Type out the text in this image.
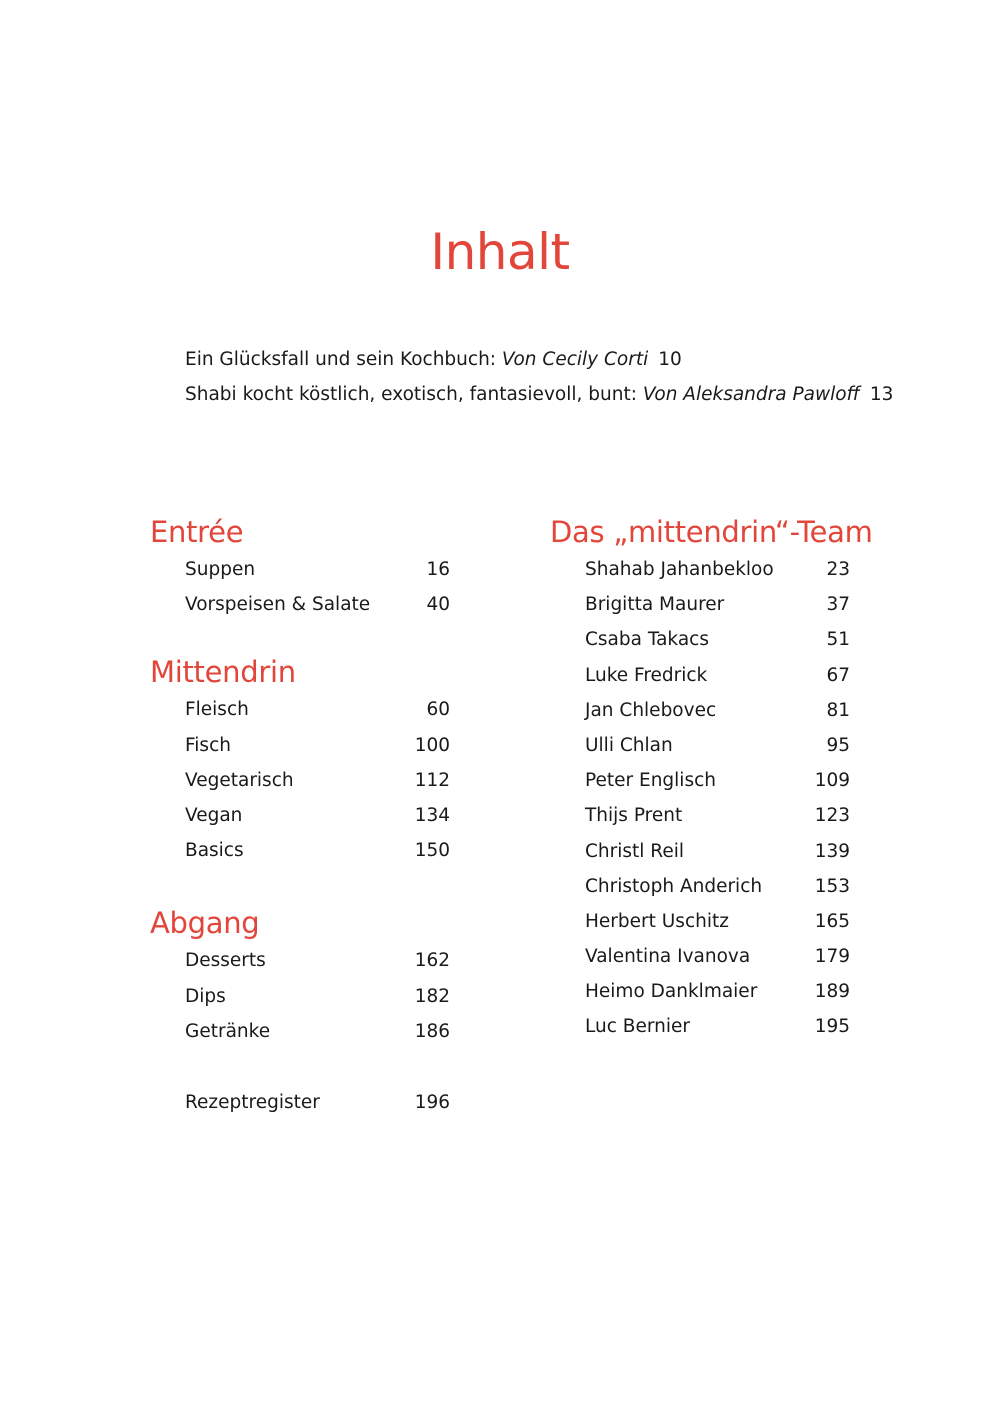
Inhalt
Ein Glücksfall und sein Kochbuch: Von Cecily Corti 10
Shabi kocht köstlich, exotisch, fantasievoll, bunt: Von Aleksandra Pawloff 13
Entrée
Suppen	16
Vorspeisen & Salate	40
Mittendrin
Fleisch	60
Fisch	100
Vegetarisch	112
Vegan	134
Basics	150
Abgang
Desserts	162
Dips	182
Getränke	186
Rezeptregister	196
Das „mittendrin“-Team
Shahab Jahanbekloo	23
Brigitta Maurer	37
Csaba Takacs	51
Luke Fredrick	67
Jan Chlebovec	81
Ulli Chlan	95
Peter Englisch	109
Thijs Prent	123
Christl Reil	139
Christoph Anderich	153
Herbert Uschitz	165
Valentina Ivanova	179
Heimo Danklmaier	189
Luc Bernier	195
